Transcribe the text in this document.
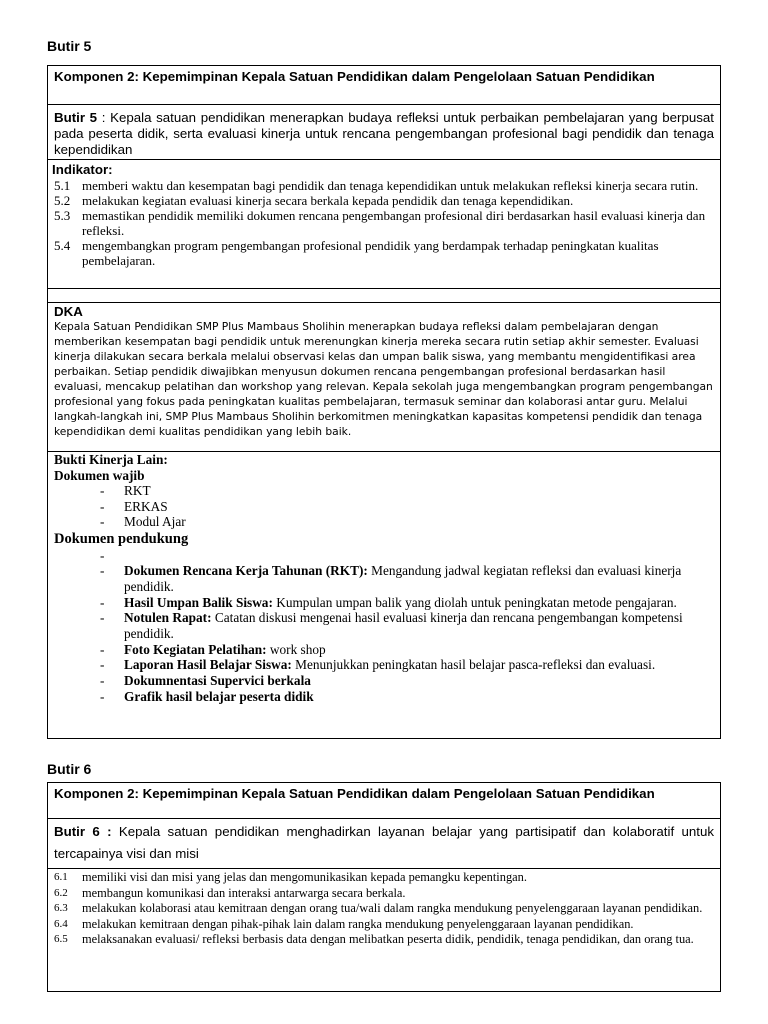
Butir 5
Komponen 2: Kepemimpinan Kepala Satuan Pendidikan dalam Pengelolaan Satuan Pendidikan
Butir 5 : Kepala satuan pendidikan menerapkan budaya refleksi untuk perbaikan pembelajaran yang berpusat pada peserta didik, serta evaluasi kinerja untuk rencana pengembangan profesional bagi pendidik dan tenaga kependidikan
Indikator:
5.1 memberi waktu dan kesempatan bagi pendidik dan tenaga kependidikan untuk melakukan refleksi kinerja secara rutin.
5.2 melakukan kegiatan evaluasi kinerja secara berkala kepada pendidik dan tenaga kependidikan.
5.3 memastikan pendidik memiliki dokumen rencana pengembangan profesional diri berdasarkan hasil evaluasi kinerja dan refleksi.
5.4 mengembangkan program pengembangan profesional pendidik yang berdampak terhadap peningkatan kualitas pembelajaran.
DKA
Kepala Satuan Pendidikan SMP Plus Mambaus Sholihin menerapkan budaya refleksi dalam pembelajaran dengan memberikan kesempatan bagi pendidik untuk merenungkan kinerja mereka secara rutin setiap akhir semester. Evaluasi kinerja dilakukan secara berkala melalui observasi kelas dan umpan balik siswa, yang membantu mengidentifikasi area perbaikan. Setiap pendidik diwajibkan menyusun dokumen rencana pengembangan profesional berdasarkan hasil evaluasi, mencakup pelatihan dan workshop yang relevan. Kepala sekolah juga mengembangkan program pengembangan profesional yang fokus pada peningkatan kualitas pembelajaran, termasuk seminar dan kolaborasi antar guru. Melalui langkah-langkah ini, SMP Plus Mambaus Sholihin berkomitmen meningkatkan kapasitas kompetensi pendidik dan tenaga kependidikan demi kualitas pendidikan yang lebih baik.
Bukti Kinerja Lain:
Dokumen wajib
- RKT
- ERKAS
- Modul Ajar
Dokumen pendukung
-
- Dokumen Rencana Kerja Tahunan (RKT): Mengandung jadwal kegiatan refleksi dan evaluasi kinerja pendidik.
- Hasil Umpan Balik Siswa: Kumpulan umpan balik yang diolah untuk peningkatan metode pengajaran.
- Notulen Rapat: Catatan diskusi mengenai hasil evaluasi kinerja dan rencana pengembangan kompetensi pendidik.
- Foto Kegiatan Pelatihan: work shop
- Laporan Hasil Belajar Siswa: Menunjukkan peningkatan hasil belajar pasca-refleksi dan evaluasi.
- Dokumnentasi Supervici berkala
- Grafik hasil belajar peserta didik
Butir 6
Komponen 2: Kepemimpinan Kepala Satuan Pendidikan dalam Pengelolaan Satuan Pendidikan
Butir 6 : Kepala satuan pendidikan menghadirkan layanan belajar yang partisipatif dan kolaboratif untuk tercapainya visi dan misi
6.1 memiliki visi dan misi yang jelas dan mengomunikasikan kepada pemangku kepentingan.
6.2 membangun komunikasi dan interaksi antarwarga secara berkala.
6.3 melakukan kolaborasi atau kemitraan dengan orang tua/wali dalam rangka mendukung penyelenggaraan layanan pendidikan.
6.4 melakukan kemitraan dengan pihak-pihak lain dalam rangka mendukung penyelenggaraan layanan pendidikan.
6.5 melaksanakan evaluasi/ refleksi berbasis data dengan melibatkan peserta didik, pendidik, tenaga pendidikan, dan orang tua.
